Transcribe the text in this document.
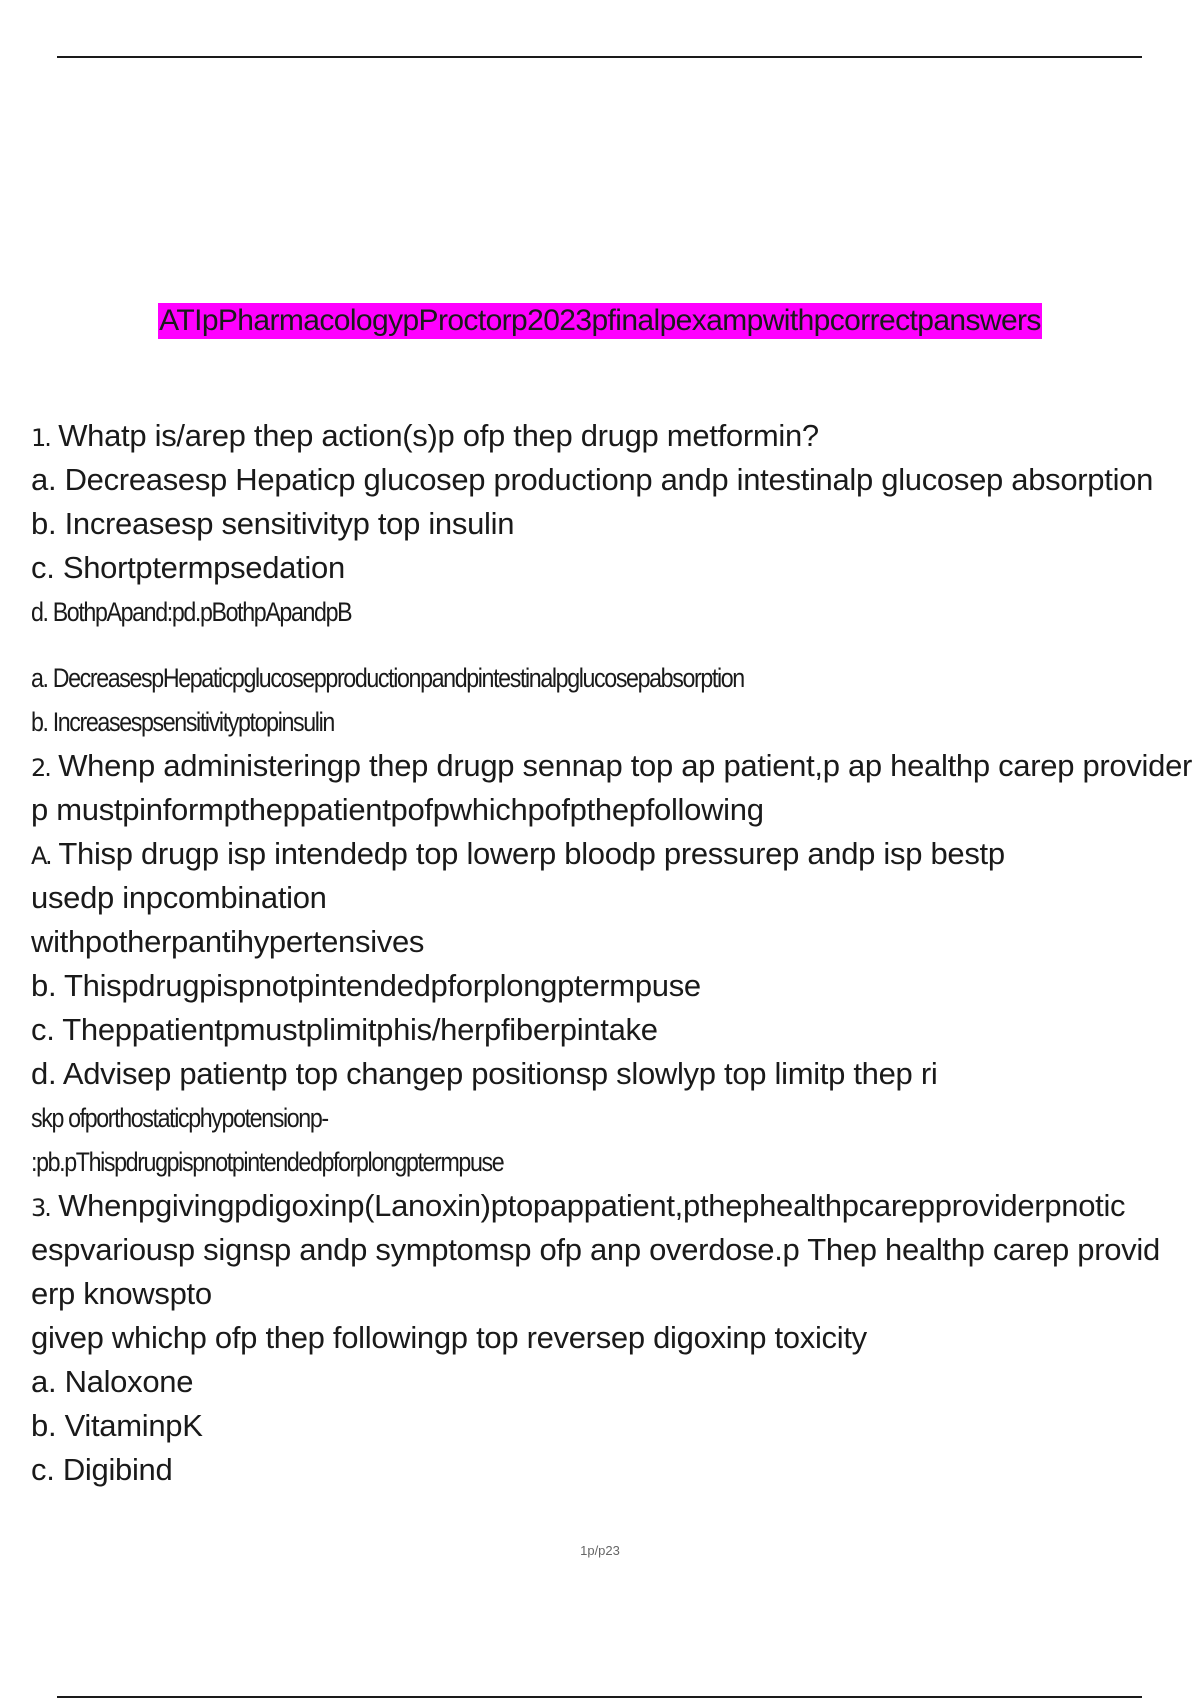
ATIpPharmacologypProctorp2023pfinalpexampwithpcorrectpanswers
1. Whatp is/arep thep action(s)p ofp thep drugp metformin?
a. Decreasesp Hepaticp glucosep productionp andp intestinalp glucosep absorption
b. Increasesp sensitivityp top insulin
c. Shortptermpsedation
d. BothpApand:pd.pBothpApandpB
a. DecreasespHepaticpglucosepproductionpandpintestinalpglucosepabsorption
b. Increasespsensitivityptopinsulin
2. Whenp administeringp thep drugp sennap top ap patient,p ap healthp carep provider
p mustpinformptheppatientpofpwhichpofpthepfollowing
A. Thisp drugp isp intendedp top lowerp bloodp pressurep andp isp bestp
usedp inpcombination
withpotherpantihypertensives
b. Thispdrugpispnotpintendedpforplongptermpuse
c. Theppatientpmustplimitphis/herpfiberpintake
d. Advisep patientp top changep positionsp slowlyp top limitp thep ri
skp ofporthostaticphypotensionp-
:pb.pThispdrugpispnotpintendedpforplongptermpuse
3. Whenpgivingpdigoxinp(Lanoxin)ptopappatient,pthephealthpcarepproviderpnotic
espvariousp signsp andp symptomsp ofp anp overdose.p Thep healthp carep provid
erp knowspto
givep whichp ofp thep followingp top reversep digoxinp toxicity
a. Naloxone
b. VitaminpK
c. Digibind
1p/p23
